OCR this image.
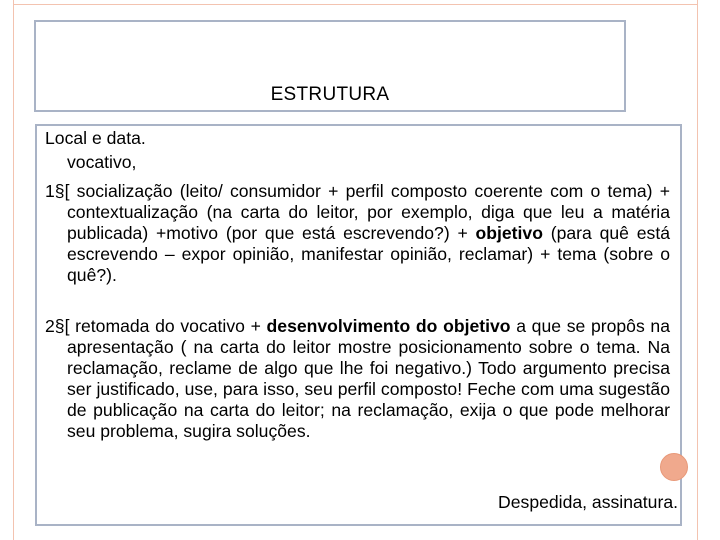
ESTRUTURA

Local e data.

vocativo,

1§[ socialização (leito/ consumidor + perfil composto coerente com o tema) + contextualização (na carta do leitor, por exemplo, diga que leu a matéria publicada) +motivo (por que está escrevendo?) + objetivo (para quê está escrevendo – expor opinião, manifestar opinião, reclamar) + tema (sobre o quê?).

2§[ retomada do vocativo + desenvolvimento do objetivo a que se propôs na apresentação ( na carta do leitor mostre posicionamento sobre o tema. Na reclamação, reclame de algo que lhe foi negativo.) Todo argumento precisa ser justificado, use, para isso, seu perfil composto! Feche com uma sugestão de publicação na carta do leitor; na reclamação, exija o que pode melhorar seu problema, sugira soluções.

Despedida, assinatura.
